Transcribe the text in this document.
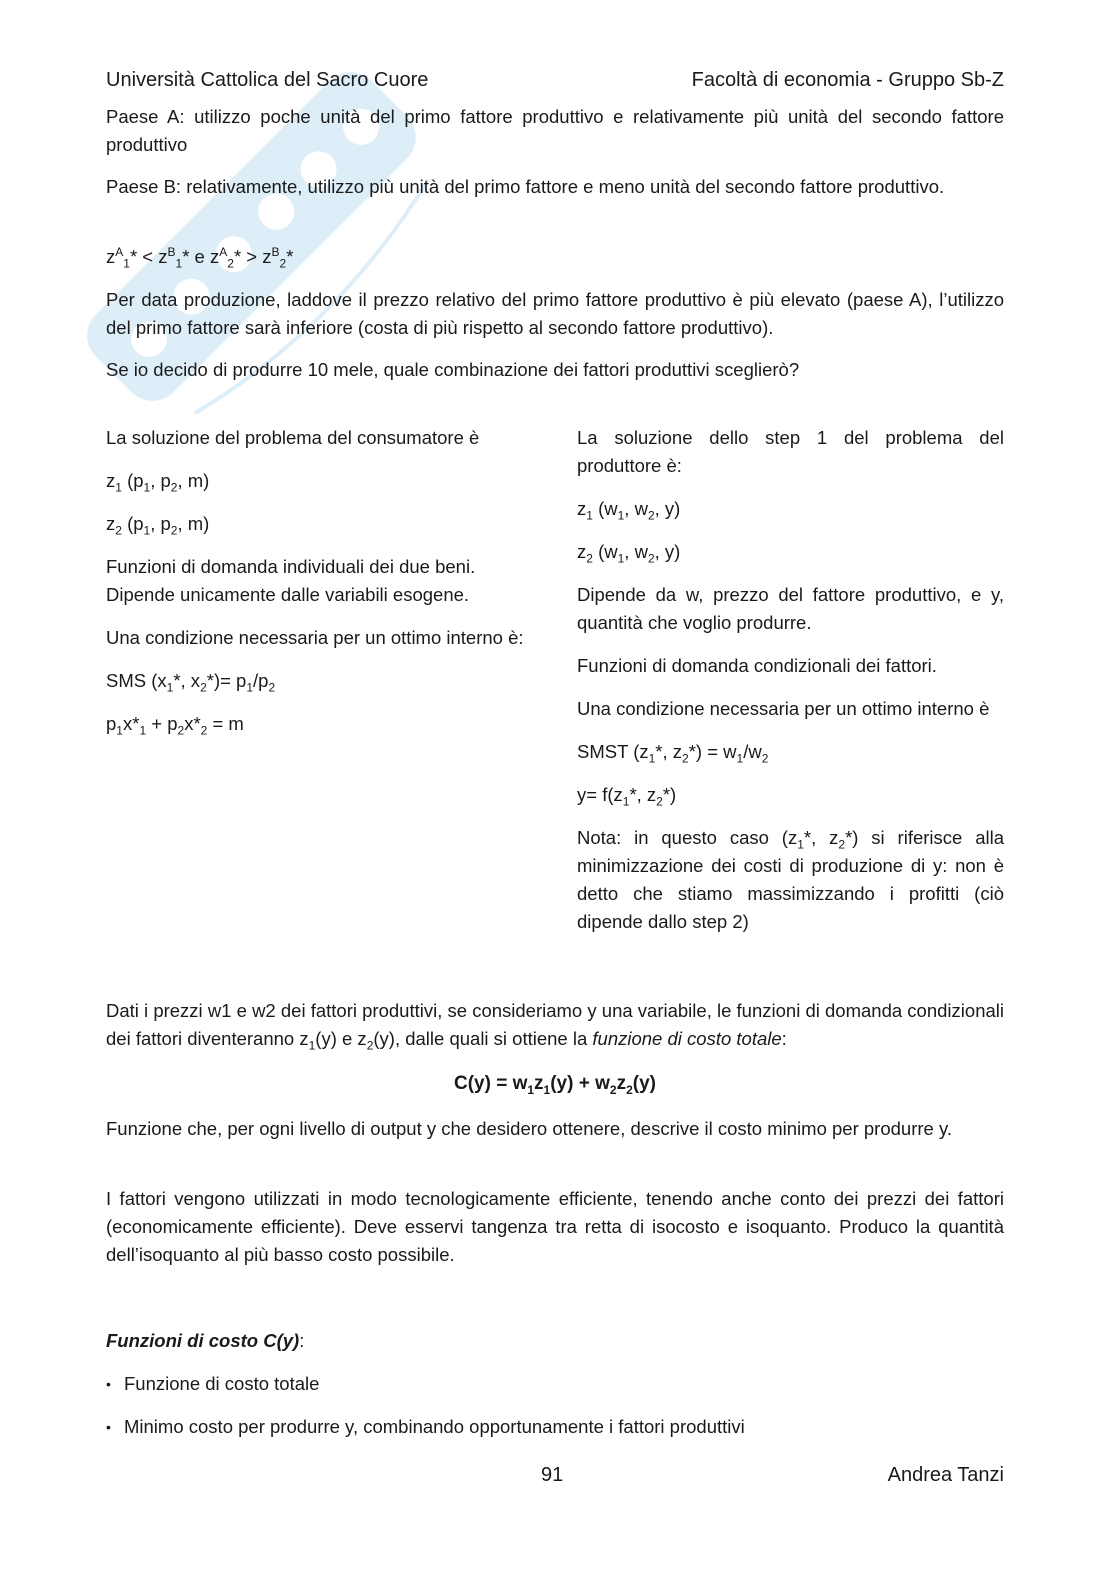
Università Cattolica del Sacro Cuore	Facoltà di economia - Gruppo Sb-Z

Paese A: utilizzo poche unità del primo fattore produttivo e relativamente più unità del secondo fattore produttivo

Paese B: relativamente, utilizzo più unità del primo fattore e meno unità del secondo fattore produttivo.

$z^A_1* < z^B_1*$ e $z^A_2* > z^B_2*$

Per data produzione, laddove il prezzo relativo del primo fattore produttivo è più elevato (paese A), l’utilizzo del primo fattore sarà inferiore (costa di più rispetto al secondo fattore produttivo).

Se io decido di produrre 10 mele, quale combinazione dei fattori produttivi sceglierò?

La soluzione del problema del consumatore è

$z_1$ ($p_1$, $p_2$, m)

$z_2$ ($p_1$, $p_2$, m)

Funzioni di domanda individuali dei due beni. Dipende unicamente dalle variabili esogene.

Una condizione necessaria per un ottimo interno è:

SMS ($x_1*$, $x_2*)= p_1/p_2$

$p_1x*_1 + p_2x*_2 = m$

La soluzione dello step 1 del problema del produttore è:

$z_1$ ($w_1$, $w_2$, y)

$z_2$ ($w_1$, $w_2$, y)

Dipende da w, prezzo del fattore produttivo, e y, quantità che voglio produrre.

Funzioni di domanda condizionali dei fattori.

Una condizione necessaria per un ottimo interno è

SMST ($z_1*$, $z_2*) = w_1/w_2$

$y= f(z_1*$, $z_2*$)

Nota: in questo caso ($z_1*$, $z_2*$) si riferisce alla minimizzazione dei costi di produzione di y: non è detto che stiamo massimizzando i profitti (ciò dipende dallo step 2)

Dati i prezzi w1 e w2 dei fattori produttivi, se consideriamo y una variabile, le funzioni di domanda condizionali dei fattori diventeranno $z_1(y)$ e $z_2(y)$, dalle quali si ottiene la funzione di costo totale:

$C(y) = w_1z_1(y) + w_2z_2(y)$

Funzione che, per ogni livello di output y che desidero ottenere, descrive il costo minimo per produrre y.

I fattori vengono utilizzati in modo tecnologicamente efficiente, tenendo anche conto dei prezzi dei fattori (economicamente efficiente). Deve esservi tangenza tra retta di isocosto e isoquanto. Produco la quantità dell’isoquanto al più basso costo possibile.

Funzioni di costo C(y):

• Funzione di costo totale
• Minimo costo per produrre y, combinando opportunamente i fattori produttivi
91	Andrea Tanzi
